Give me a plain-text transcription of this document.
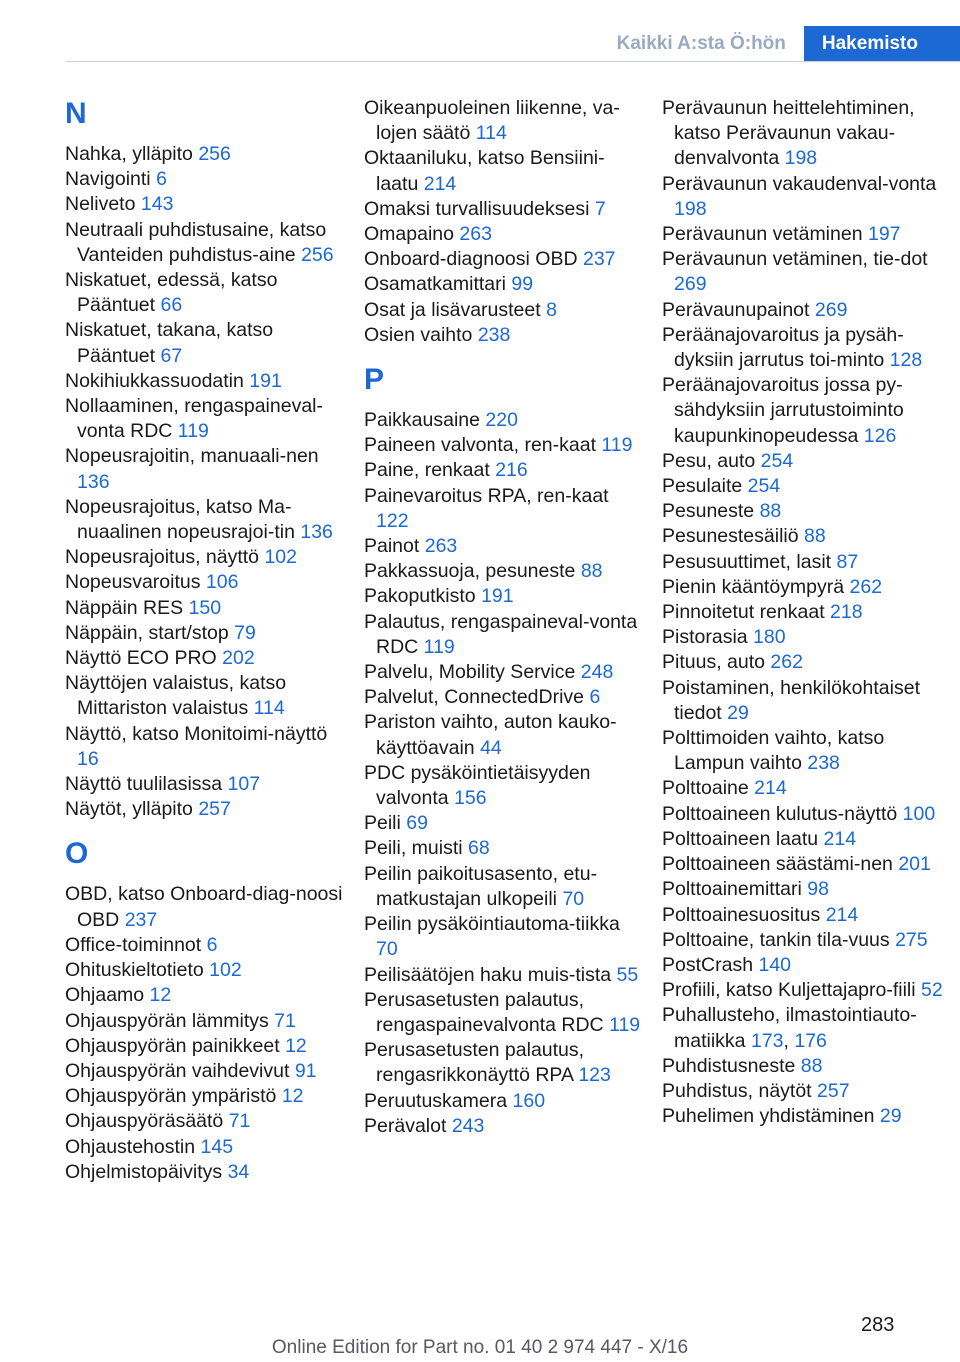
Kaikki A:sta Ö:hön	Hakemisto
N
Nahka, ylläpito 256
Navigointi 6
Neliveto 143
Neutraali puhdistusaine, katso Vanteiden puhdistus-aine 256
Niskatuet, edessä, katso Pääntuet 66
Niskatuet, takana, katso Pääntuet 67
Nokihiukkassuodatin 191
Nollaaminen, rengaspaineval-vonta RDC 119
Nopeusrajoitin, manuaali-nen 136
Nopeusrajoitus, katso Ma-nuaalinen nopeusrajoi-tin 136
Nopeusrajoitus, näyttö 102
Nopeusvaroitus 106
Näppäin RES 150
Näppäin, start/stop 79
Näyttö ECO PRO 202
Näyttöjen valaistus, katso Mittariston valaistus 114
Näyttö, katso Monitoimi-näyttö 16
Näyttö tuulilasissa 107
Näytöt, ylläpito 257
O
OBD, katso Onboard-diag-noosi OBD 237
Office-toiminnot 6
Ohituskieltotieto 102
Ohjaamo 12
Ohjauspyörän lämmitys 71
Ohjauspyörän painikkeet 12
Ohjauspyörän vaihdevivut 91
Ohjauspyörän ympäristö 12
Ohjauspyöräsäätö 71
Ohjaustehostin 145
Ohjelmistopäivitys 34
Oikeanpuoleinen liikenne, va-lojen säätö 114
Oktaaniluku, katso Bensiini-laatu 214
Omaksi turvallisuudeksesi 7
Omapaino 263
Onboard-diagnoosi OBD 237
Osamatkamittari 99
Osat ja lisävarusteet 8
Osien vaihto 238
P
Paikkausaine 220
Paineen valvonta, ren-kaat 119
Paine, renkaat 216
Painevaroitus RPA, ren-kaat 122
Painot 263
Pakkassuoja, pesuneste 88
Pakoputkisto 191
Palautus, rengaspaineval-vonta RDC 119
Palvelu, Mobility Service 248
Palvelut, ConnectedDrive 6
Pariston vaihto, auton kauko-käyttöavain 44
PDC pysäköintietäisyyden valvonta 156
Peili 69
Peili, muisti 68
Peilin paikoitusasento, etu-matkustajan ulkopeili 70
Peilin pysäköintiautoma-tiikka 70
Peilisäätöjen haku muis-tista 55
Perusasetusten palautus, rengaspainevalvonta RDC 119
Perusasetusten palautus, rengasrikkonäyttö RPA 123
Peruutuskamera 160
Perävalot 243
Perävaunun heittelehtiminen, katso Perävaunun vakau-denvalvonta 198
Perävaunun vakaudenval-vonta 198
Perävaunun vetäminen 197
Perävaunun vetäminen, tie-dot 269
Perävaunupainot 269
Peräänajovaroitus ja pysäh-dyksiin jarrutus toi-minto 128
Peräänajovaroitus jossa py-sähdyksiin jarrutustoiminto kaupunkinopeudessa 126
Pesu, auto 254
Pesulaite 254
Pesuneste 88
Pesunestesäiliö 88
Pesusuuttimet, lasit 87
Pienin kääntöympyrä 262
Pinnoitetut renkaat 218
Pistorasia 180
Pituus, auto 262
Poistaminen, henkilökohtaiset tiedot 29
Polttimoiden vaihto, katso Lampun vaihto 238
Polttoaine 214
Polttoaineen kulutus-näyttö 100
Polttoaineen laatu 214
Polttoaineen säästämi-nen 201
Polttoainemittari 98
Polttoainesuositus 214
Polttoaine, tankin tila-vuus 275
PostCrash 140
Profiili, katso Kuljettajapro-fiili 52
Puhallusteho, ilmastointiauto-matiikka 173, 176
Puhdistusneste 88
Puhdistus, näytöt 257
Puhelimen yhdistäminen 29
283
Online Edition for Part no. 01 40 2 974 447 - X/16
